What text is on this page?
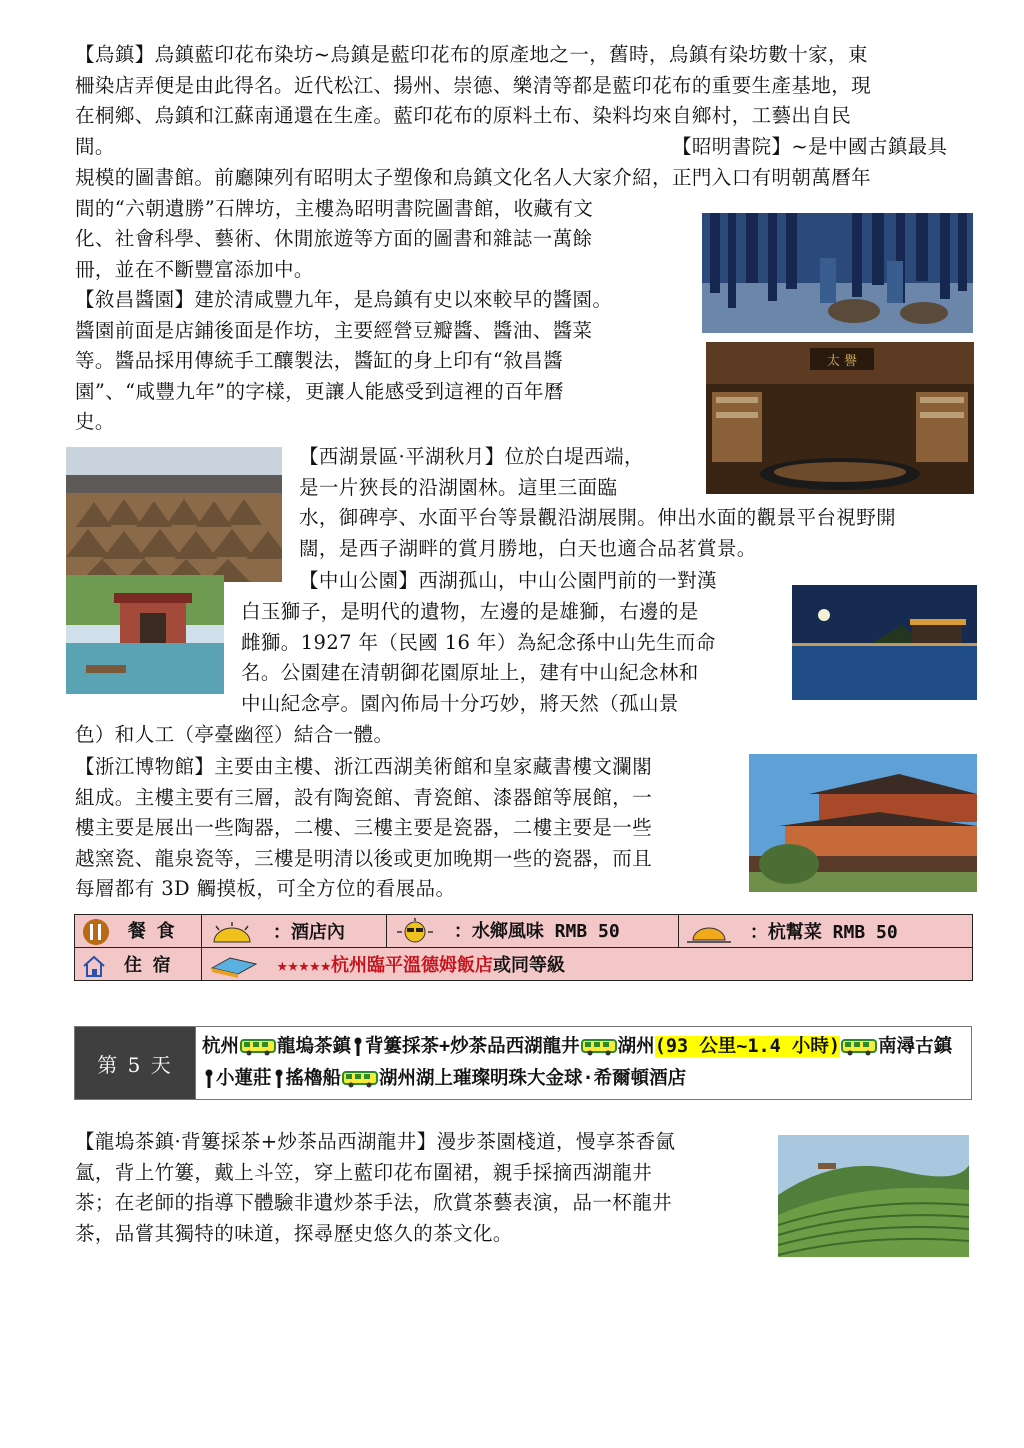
【烏鎮】烏鎮藍印花布染坊~烏鎮是藍印花布的原產地之一，舊時，烏鎮有染坊數十家，東
柵染店弄便是由此得名。近代松江、揚州、崇德、樂清等都是藍印花布的重要生產基地，現
在桐鄉、烏鎮和江蘇南通還在生產。藍印花布的原料土布、染料均來自鄉村，工藝出自民
間。	【昭明書院】~是中國古鎮最具
規模的圖書館。前廳陳列有昭明太子塑像和烏鎮文化名人大家介紹，正門入口有明朝萬曆年
間的“六朝遺勝”石牌坊，主樓為昭明書院圖書館，收藏有文
化、社會科學、藝術、休閒旅遊等方面的圖書和雜誌一萬餘
冊，並在不斷豐富添加中。
【敘昌醬園】建於清咸豐九年，是烏鎮有史以來較早的醬園。
醬園前面是店鋪後面是作坊，主要經營豆瓣醬、醬油、醬菜
等。醬品採用傳統手工釀製法，醬缸的身上印有“敘昌醬
園”、“咸豐九年”的字樣，更讓人能感受到這裡的百年曆
史。
太 譽
【西湖景區·平湖秋月】位於白堤西端，
是一片狹長的沿湖園林。這里三面臨
水，御碑亭、水面平台等景觀沿湖展開。伸出水面的觀景平台視野開
闊，是西子湖畔的賞月勝地，白天也適合品茗賞景。
【中山公園】西湖孤山，中山公園門前的一對漢
白玉獅子，是明代的遺物，左邊的是雄獅，右邊的是
雌獅。1927 年（民國 16 年）為紀念孫中山先生而命
名。公園建在清朝御花園原址上，建有中山紀念林和
中山紀念亭。園內佈局十分巧妙，將天然（孤山景
色）和人工（亭臺幽徑）結合一體。
【浙江博物館】主要由主樓、浙江西湖美術館和皇家藏書樓文瀾閣
組成。主樓主要有三層，設有陶瓷館、青瓷館、漆器館等展館，一
樓主要是展出一些陶器，二樓、三樓主要是瓷器，二樓主要是一些
越窯瓷、龍泉瓷等，三樓是明清以後或更加晚期一些的瓷器，而且
每層都有 3D 觸摸板，可全方位的看展品。
餐 食	：酒店內	：水鄉風味 RMB 50	：杭幫菜 RMB 50
住 宿	★★★★★杭州臨平溫德姆飯店或同等級		
第 5 天	杭州 龍塢茶鎮 背簍採茶+炒茶品西湖龍井 湖州(93 公里~1.4 小時) 南潯古鎮小蓮莊 搖櫓船 湖州湖上璀璨明珠大金球·希爾頓酒店
【龍塢茶鎮·背簍採茶+炒茶品西湖龍井】漫步茶園棧道，慢享茶香氤
氳，背上竹簍，戴上斗笠，穿上藍印花布圍裙，親手採摘西湖龍井
茶；在老師的指導下體驗非遺炒茶手法，欣賞茶藝表演，品一杯龍井
茶，品嘗其獨特的味道，探尋歷史悠久的茶文化。
